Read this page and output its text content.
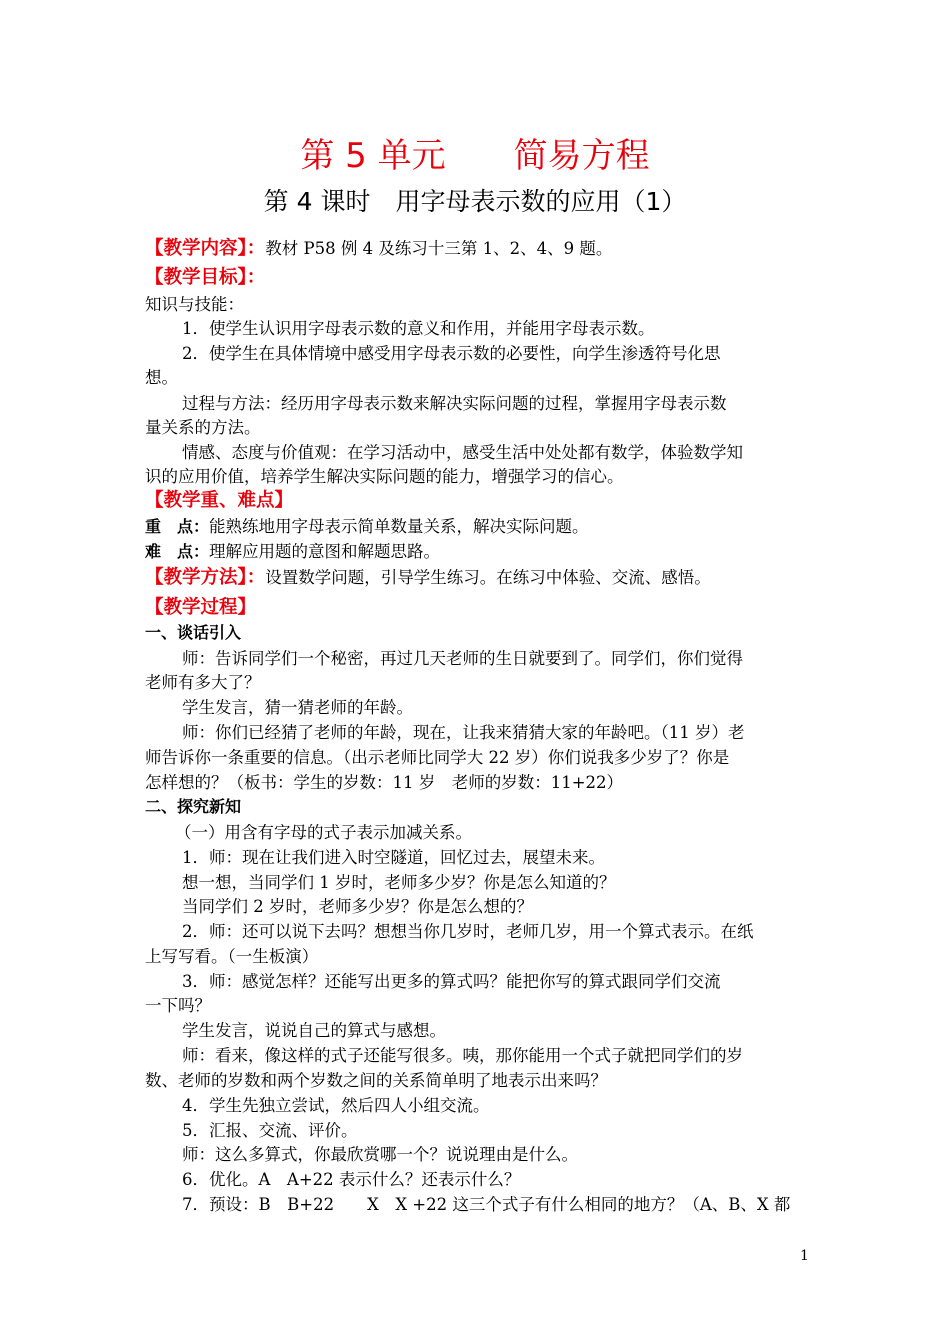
第 5 单元　　简易方程
第 4 课时　用字母表示数的应用（1）
【教学内容】：教材 P58 例 4 及练习十三第 1、2、4、9 题。
【教学目标】：
知识与技能：
1．使学生认识用字母表示数的意义和作用，并能用字母表示数。
2．使学生在具体情境中感受用字母表示数的必要性，向学生渗透符号化思
想。
过程与方法：经历用字母表示数来解决实际问题的过程，掌握用字母表示数
量关系的方法。
情感、态度与价值观：在学习活动中，感受生活中处处都有数学，体验数学知
识的应用价值，培养学生解决实际问题的能力，增强学习的信心。
【教学重、难点】
重　点：能熟练地用字母表示简单数量关系，解决实际问题。
难　点：理解应用题的意图和解题思路。
【教学方法】：设置数学问题，引导学生练习。在练习中体验、交流、感悟。
【教学过程】
一、谈话引入
师：告诉同学们一个秘密，再过几天老师的生日就要到了。同学们，你们觉得
老师有多大了？
学生发言，猜一猜老师的年龄。
师：你们已经猜了老师的年龄，现在，让我来猜猜大家的年龄吧。（11 岁）老
师告诉你一条重要的信息。（出示老师比同学大 22 岁）你们说我多少岁了？你是
怎样想的？（板书：学生的岁数：11 岁　老师的岁数：11+22）
二、探究新知
（一）用含有字母的式子表示加减关系。
1．师：现在让我们进入时空隧道，回忆过去，展望未来。
想一想，当同学们 1 岁时，老师多少岁？你是怎么知道的？
当同学们 2 岁时，老师多少岁？你是怎么想的？
2．师：还可以说下去吗？想想当你几岁时，老师几岁，用一个算式表示。在纸
上写写看。（一生板演）
3．师：感觉怎样？还能写出更多的算式吗？能把你写的算式跟同学们交流
一下吗？
学生发言，说说自己的算式与感想。
师：看来，像这样的式子还能写很多。咦，那你能用一个式子就把同学们的岁
数、老师的岁数和两个岁数之间的关系简单明了地表示出来吗？
4．学生先独立尝试，然后四人小组交流。
5．汇报、交流、评价。
师：这么多算式，你最欣赏哪一个？说说理由是什么。
6．优化。A　A+22 表示什么？还表示什么？
7．预设：B　B+22　　X　X +22 这三个式子有什么相同的地方？（A、B、X 都
1
